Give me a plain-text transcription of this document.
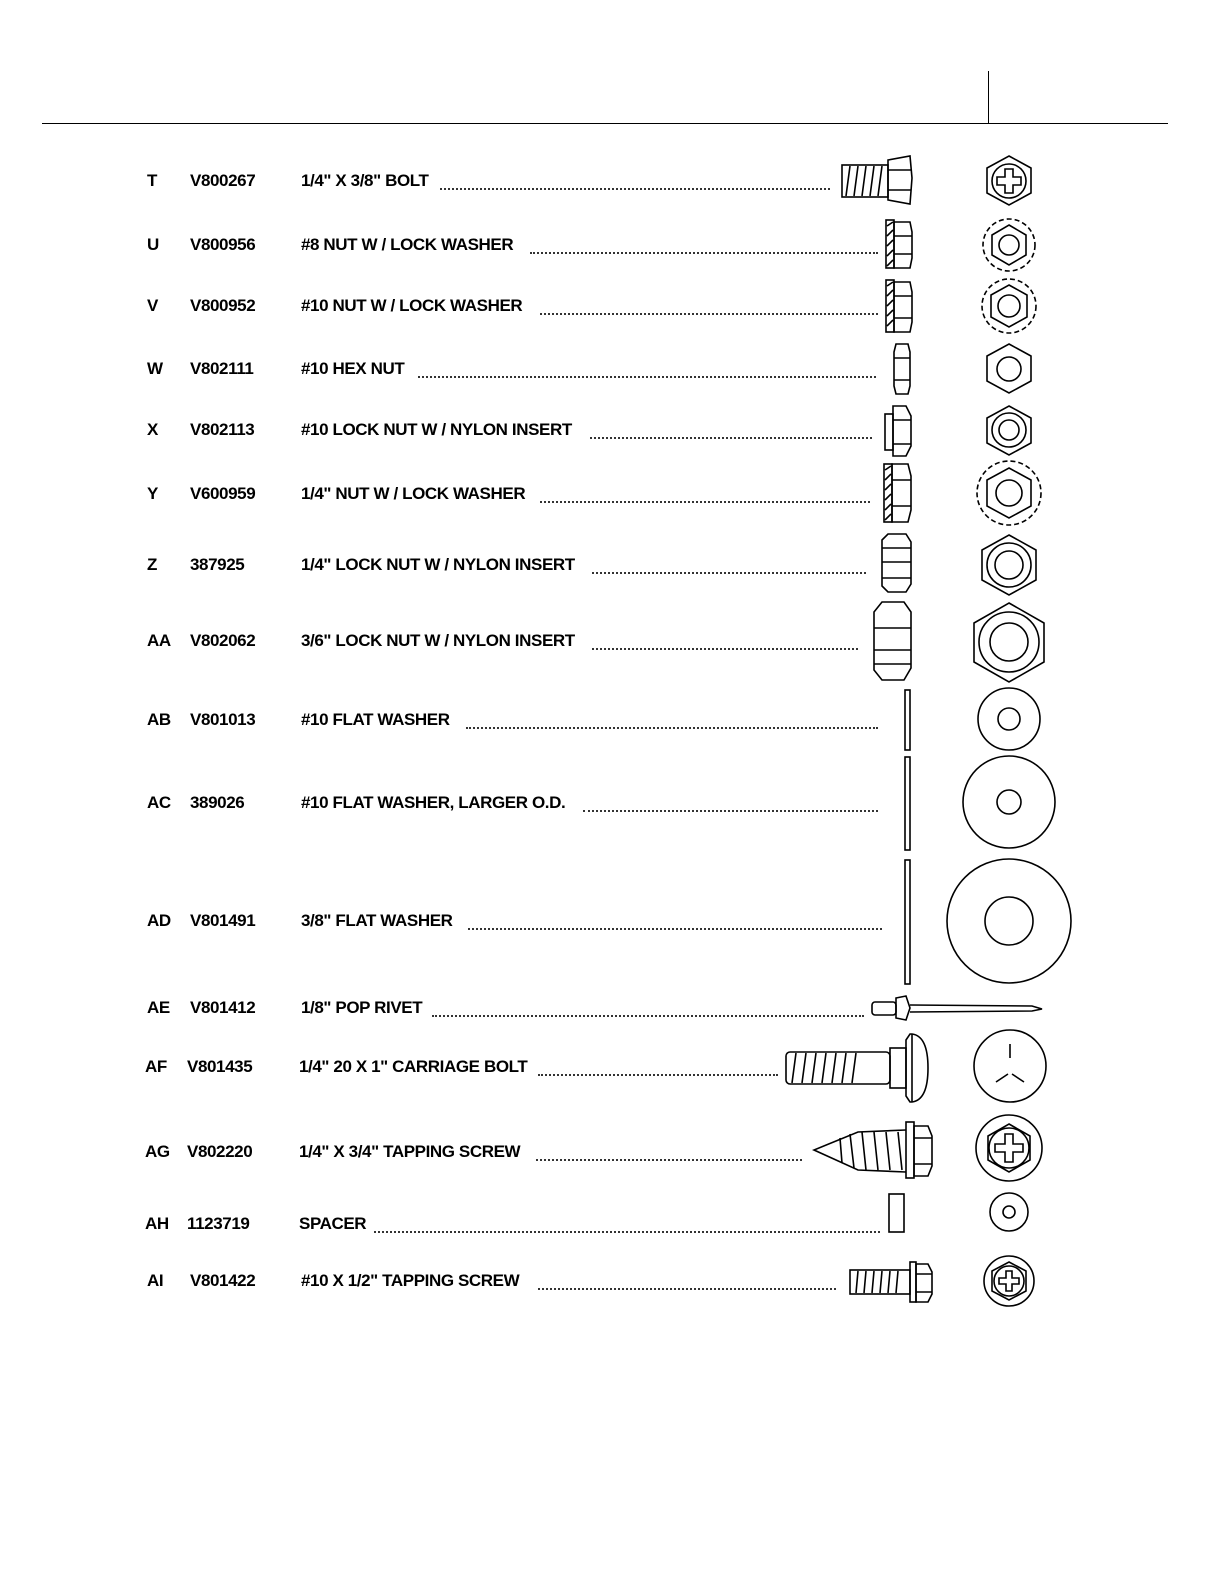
T V800267	1/4" X 3/8" BOLT
U V800956	#8 NUT W / LOCK WASHER
V V800952	#10 NUT W / LOCK WASHER
W V802111	#10 HEX NUT
X V802113	#10 LOCK NUT W / NYLON INSERT
Y V600959	1/4" NUT W / LOCK WASHER
Z 387925	1/4" LOCK NUT W / NYLON INSERT
AA V802062	3/6" LOCK NUT W / NYLON INSERT
AB V801013	#10 FLAT WASHER
AC 389026	#10 FLAT WASHER, LARGER O.D.
AD V801491	3/8" FLAT WASHER
AE V801412	1/8" POP RIVET
AF V801435	1/4" 20 X 1" CARRIAGE BOLT
AG V802220	1/4" X 3/4" TAPPING SCREW
AH 1123719	SPACER
AI V801422	#10 X 1/2" TAPPING SCREW
